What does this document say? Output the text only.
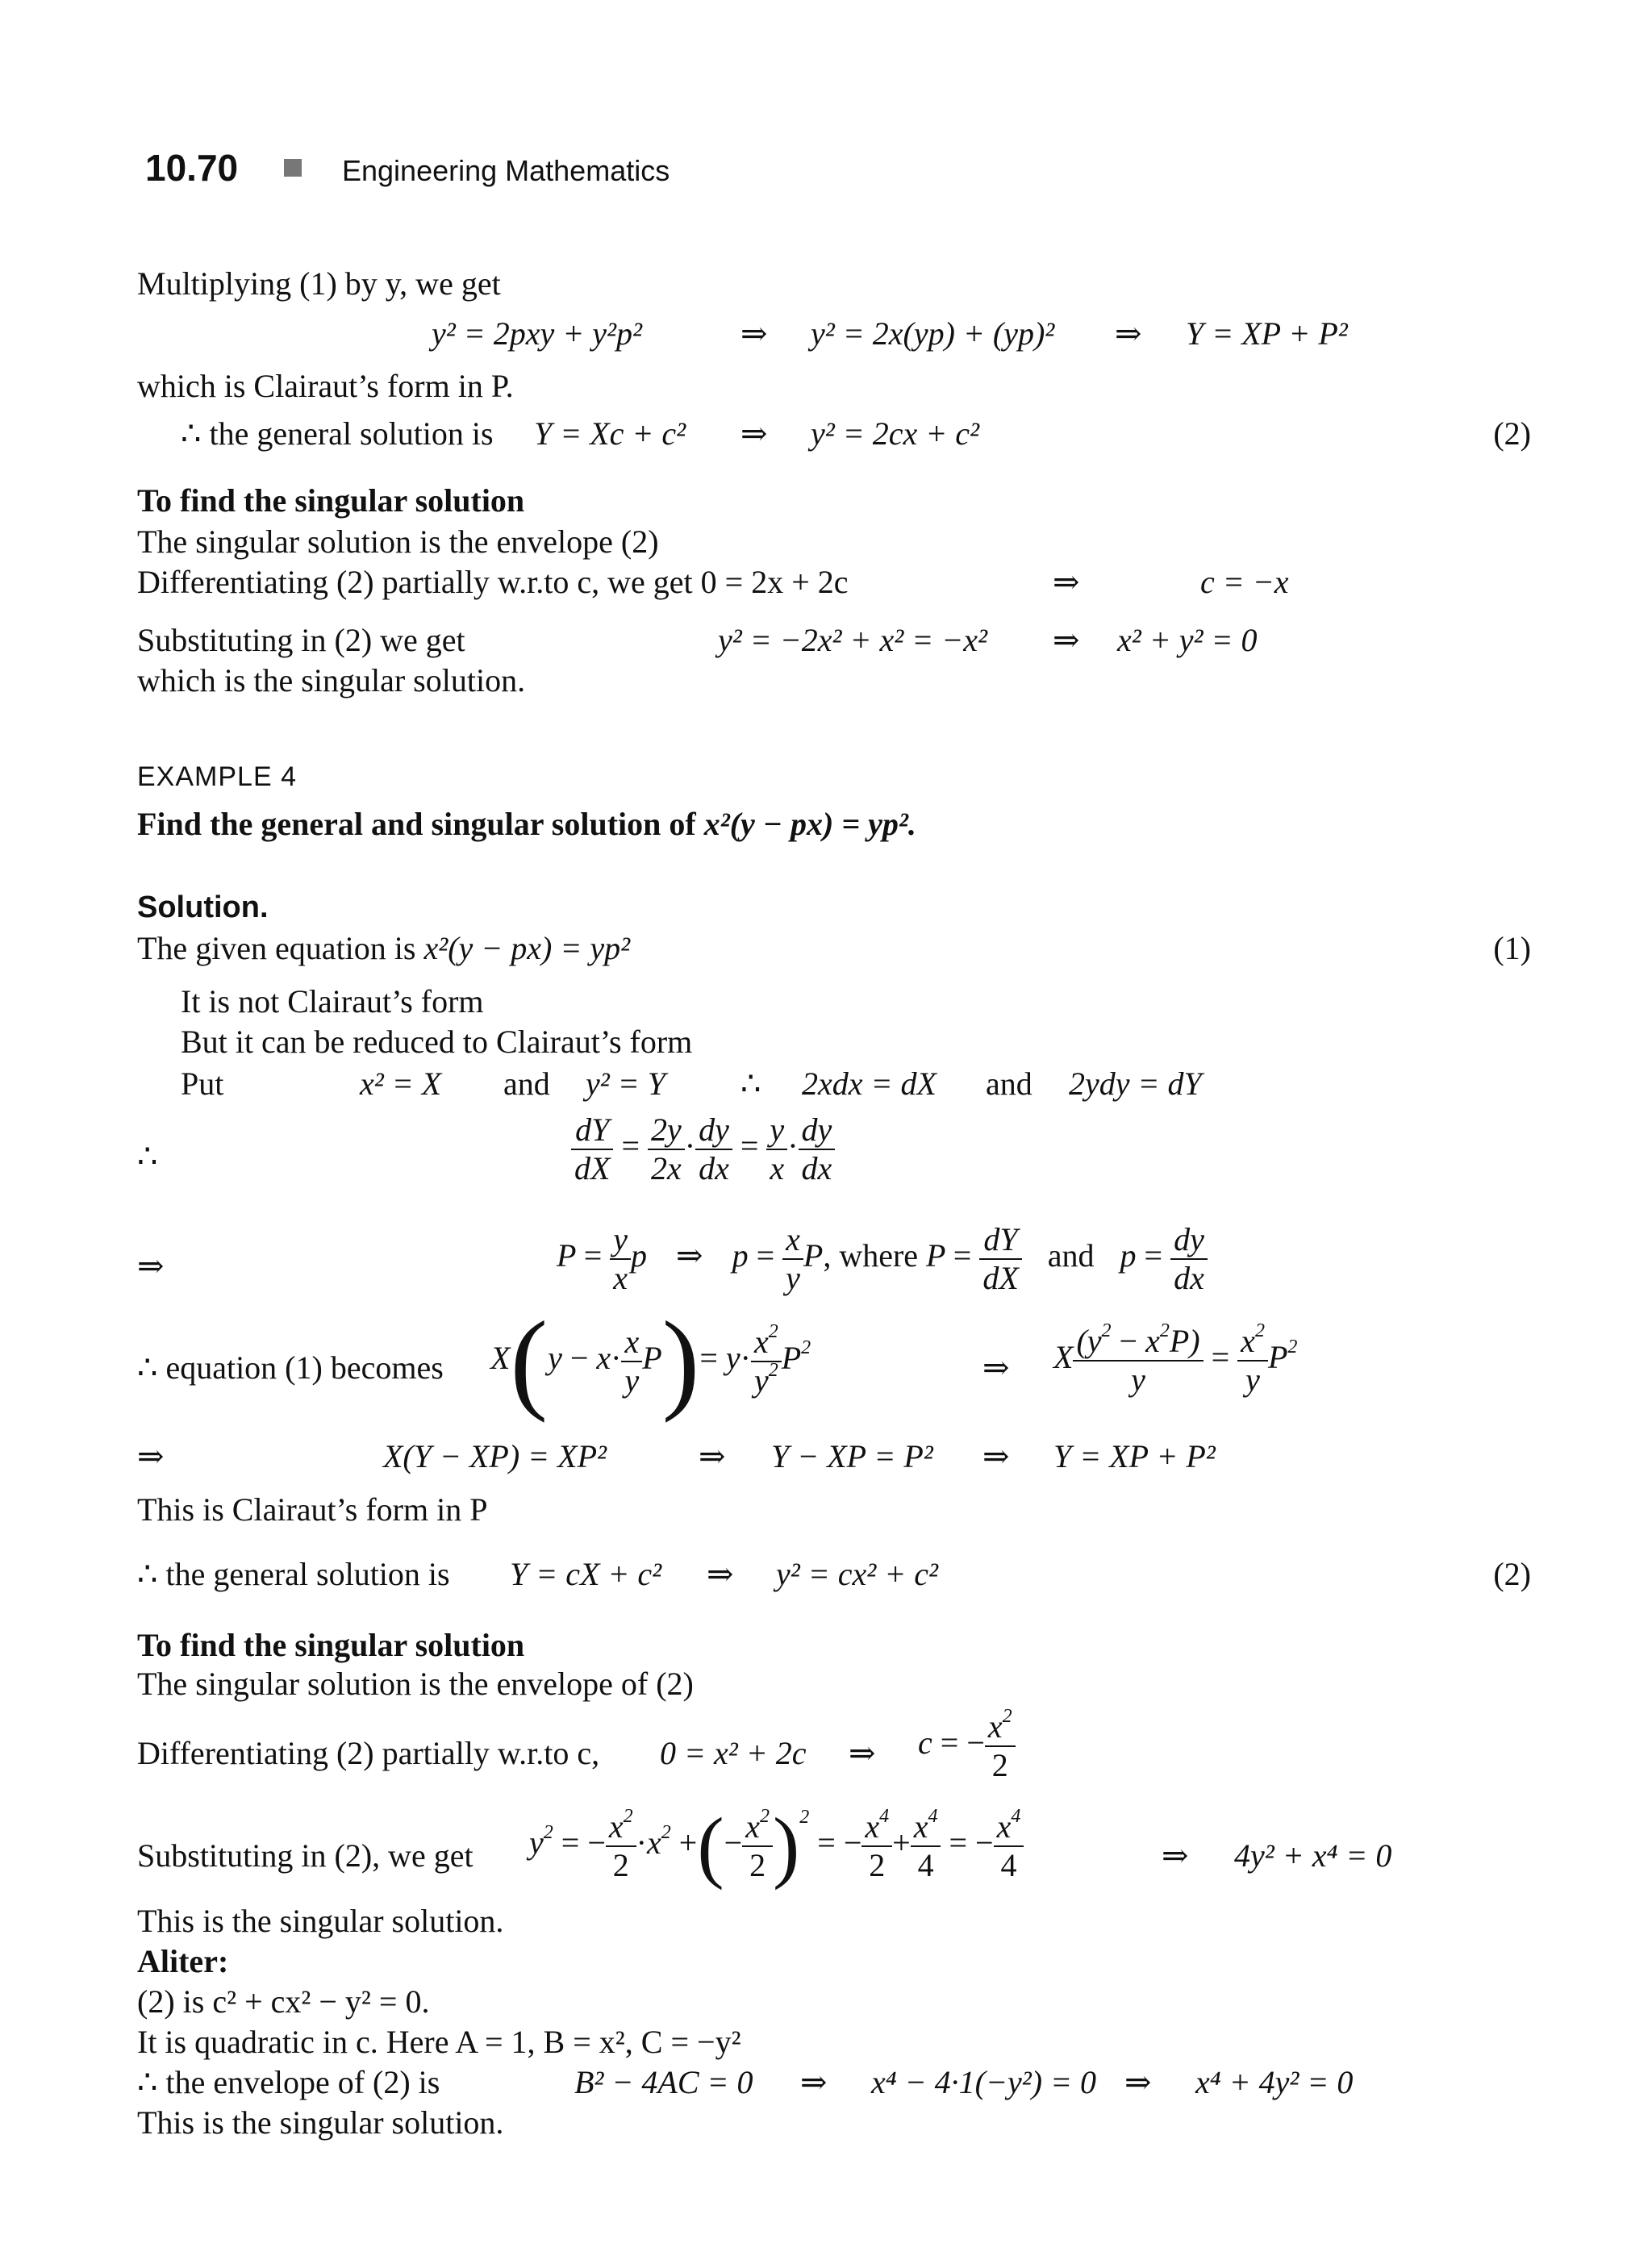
10.70	Engineering Mathematics
Multiplying (1) by y, we get
y² = 2pxy + y²p²	⇒ y² = 2x(yp) + (yp)² ⇒ Y = XP + P²
which is Clairaut’s form in P.
∴ the general solution is Y = Xc + c² ⇒ y² = 2cx + c²	(2)
To find the singular solution
The singular solution is the envelope (2)
Differentiating (2) partially w.r.to c, we get 0 = 2x + 2c	⇒	c = −x
Substituting in (2) we get	y² = −2x² + x² = −x² ⇒ x² + y² = 0
which is the singular solution.
EXAMPLE 4
Find the general and singular solution of x²(y − px) = yp².
Solution.
The given equation is x²(y − px) = yp²	(1)
It is not Clairaut’s form
But it can be reduced to Clairaut’s form
Put	x² = X and y² = Y ∴ 2xdx = dX and 2ydy = dY
∴	$\frac{dY}{dX} = \frac{2y}{2x} \cdot \frac{dy}{dx} = \frac{y}{x} \cdot \frac{dy}{dx}$
⇒	$P = \frac{y}{x}$ p ⇒ $p = \frac{x}{y} P$, where $P = \frac{dY}{dX}$ and $p = \frac{dy}{dx}$
∴ equation (1) becomes $X(y - x\cdot \frac{x}{y} P)= y\cdot \frac{x^2}{y^2} P^2$
⇒ X $\frac{(y^2 - x^2P)}{y} = \frac{x^2}{y} P^2$
⇒	X(Y − XP) = XP²	⇒ Y − XP = P² ⇒ Y = XP + P²
This is Clairaut’s form in P
∴ the general solution is Y = cX + c² ⇒ y² = cx² + c²	(2)
To find the singular solution
The singular solution is the envelope of (2)
Differentiating (2) partially w.r.to c, 0 = x² + 2c ⇒ c = − $\frac{x^2}{2}$
Substituting in (2), we get $y^2$ = − $\frac{x^2}{2} \cdot x^2$ +(− $\frac{x^2}{2} )^2$ = − $\frac{x^4}{2} + \frac{x^4}{4}$ = − $\frac{x^4}{4}$	⇒ 4y² + x⁴ = 0
This is the singular solution.
Aliter:
(2) is c² + cx² − y² = 0.
It is quadratic in c. Here A = 1, B = x², C = −y²
∴ the envelope of (2) is	B² − 4AC = 0 ⇒ x⁴ − 4·1(−y²) = 0 ⇒ x⁴ + 4y² = 0
This is the singular solution.
